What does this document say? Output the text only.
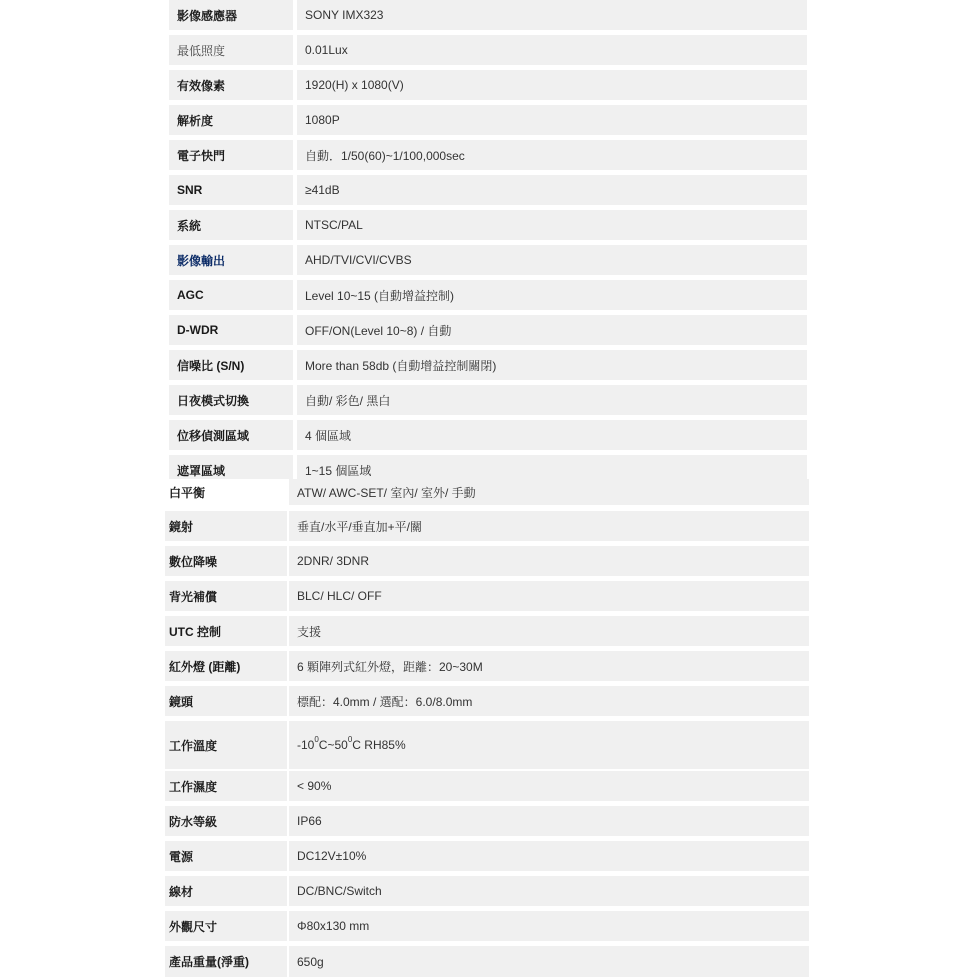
影像感應器	SONY IMX323
最低照度	0.01Lux
有效像素	1920(H) x 1080(V)
解析度	1080P
電子快門	自動．1/50(60)~1/100,000sec
SNR	≥41dB
系統	NTSC/PAL
影像輸出	AHD/TVI/CVI/CVBS
AGC	Level 10~15 (自動增益控制)
D-WDR	OFF/ON(Level 10~8) / 自動
信噪比 (S/N)	More than 58db (自動增益控制關閉)
日夜模式切換	自動/ 彩色/ 黑白
位移偵測區域	4 個區域
遮罩區域	1~15 個區域
白平衡	ATW/ AWC-SET/ 室內/ 室外/ 手動
鏡射	垂直/水平/垂直加+平/關
數位降噪	2DNR/ 3DNR
背光補償	BLC/ HLC/ OFF
UTC 控制	支援
紅外燈 (距離)	6 顆陣列式紅外燈，距離：20~30M
鏡頭	標配：4.0mm / 選配：6.0/8.0mm
工作溫度	$-10^0$ $C\sim 50^0$ C RH85%
工作濕度	< 90%
防水等級	IP66
電源	DC12V±10%
線材	DC/BNC/Switch
外觀尺寸	Φ80x130 mm
產品重量(淨重)	650g
